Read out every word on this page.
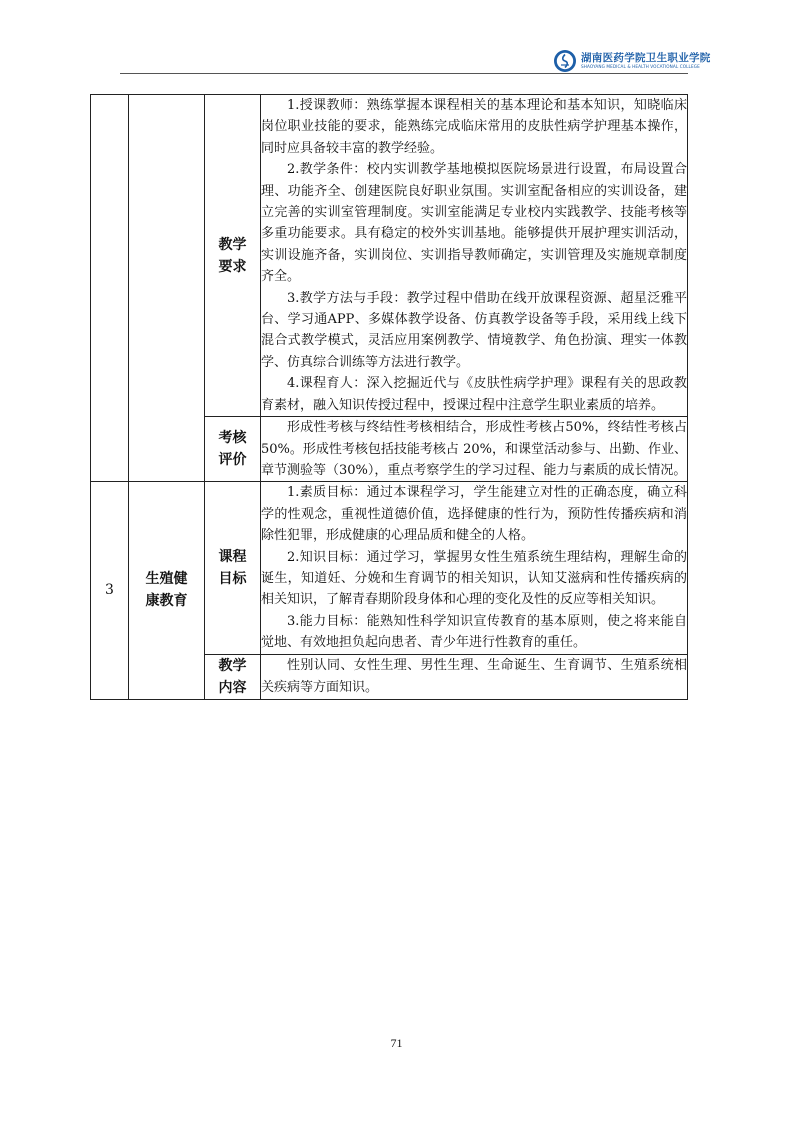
湖南医药学院卫生职业学院
SHAOYANG MEDICAL & HEALTH VOCATIONAL COLLEGE

		教学要求	1.授课教师：熟练掌握本课程相关的基本理论和基本知识，知晓临床岗位职业技能的要求，能熟练完成临床常用的皮肤性病学护理基本操作，同时应具备较丰富的教学经验。

2.教学条件：校内实训教学基地模拟医院场景进行设置，布局设置合理、功能齐全、创建医院良好职业氛围。实训室配备相应的实训设备，建立完善的实训室管理制度。实训室能满足专业校内实践教学、技能考核等多重功能要求。具有稳定的校外实训基地。能够提供开展护理实训活动，实训设施齐备，实训岗位、实训指导教师确定，实训管理及实施规章制度齐全。

3.教学方法与手段：教学过程中借助在线开放课程资源、超星泛雅平台、学习通APP、多媒体教学设备、仿真教学设备等手段，采用线上线下混合式教学模式，灵活应用案例教学、情境教学、角色扮演、理实一体教学、仿真综合训练等方法进行教学。

4.课程育人：深入挖掘近代与《皮肤性病学护理》课程有关的思政教育素材，融入知识传授过程中，授课过程中注意学生职业素质的培养。

		考核评价	形成性考核与终结性考核相结合，形成性考核占50%，终结性考核占50%。形成性考核包括技能考核占 20%，和课堂活动参与、出勤、作业、章节测验等（30%），重点考察学生的学习过程、能力与素质的成长情况。

3	生殖健康教育	课程目标	1.素质目标：通过本课程学习，学生能建立对性的正确态度，确立科学的性观念，重视性道德价值，选择健康的性行为，预防性传播疾病和消除性犯罪，形成健康的心理品质和健全的人格。

2.知识目标：通过学习，掌握男女性生殖系统生理结构，理解生命的诞生，知道妊、分娩和生育调节的相关知识，认知艾滋病和性传播疾病的相关知识，了解青春期阶段身体和心理的变化及性的反应等相关知识。

3.能力目标：能熟知性科学知识宣传教育的基本原则，使之将来能自觉地、有效地担负起向患者、青少年进行性教育的重任。

		教学内容	性别认同、女性生理、男性生理、生命诞生、生育调节、生殖系统相关疾病等方面知识。

71
